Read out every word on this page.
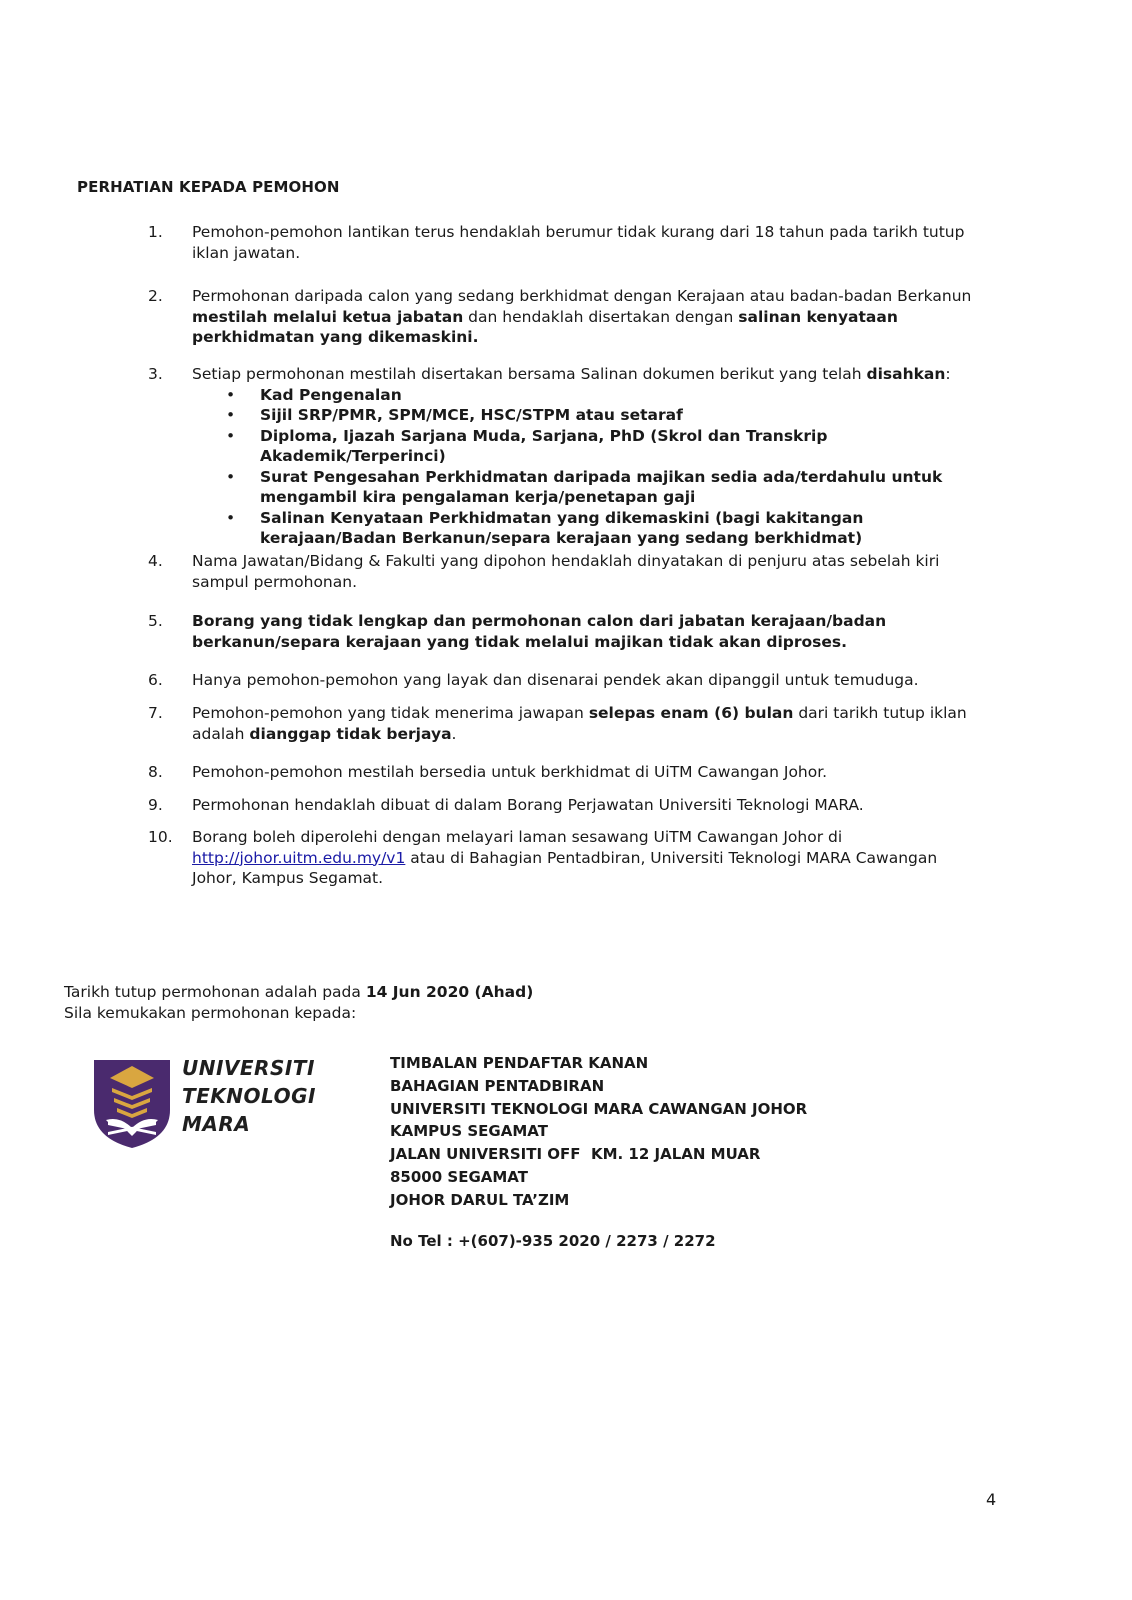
PERHATIAN KEPADA PEMOHON
1. Pemohon-pemohon lantikan terus hendaklah berumur tidak kurang dari 18 tahun pada tarikh tutup iklan jawatan.
2. Permohonan daripada calon yang sedang berkhidmat dengan Kerajaan atau badan-badan Berkanun mestilah melalui ketua jabatan dan hendaklah disertakan dengan salinan kenyataan perkhidmatan yang dikemaskini.
3. Setiap permohonan mestilah disertakan bersama Salinan dokumen berikut yang telah disahkan:
• Kad Pengenalan
• Sijil SRP/PMR, SPM/MCE, HSC/STPM atau setaraf
• Diploma, Ijazah Sarjana Muda, Sarjana, PhD (Skrol dan Transkrip Akademik/Terperinci)
• Surat Pengesahan Perkhidmatan daripada majikan sedia ada/terdahulu untuk mengambil kira pengalaman kerja/penetapan gaji
• Salinan Kenyataan Perkhidmatan yang dikemaskini (bagi kakitangan kerajaan/Badan Berkanun/separa kerajaan yang sedang berkhidmat)
4. Nama Jawatan/Bidang & Fakulti yang dipohon hendaklah dinyatakan di penjuru atas sebelah kiri sampul permohonan.
5. Borang yang tidak lengkap dan permohonan calon dari jabatan kerajaan/badan berkanun/separa kerajaan yang tidak melalui majikan tidak akan diproses.
6. Hanya pemohon-pemohon yang layak dan disenarai pendek akan dipanggil untuk temuduga.
7. Pemohon-pemohon yang tidak menerima jawapan selepas enam (6) bulan dari tarikh tutup iklan adalah dianggap tidak berjaya.
8. Pemohon-pemohon mestilah bersedia untuk berkhidmat di UiTM Cawangan Johor.
9. Permohonan hendaklah dibuat di dalam Borang Perjawatan Universiti Teknologi MARA.
10. Borang boleh diperolehi dengan melayari laman sesawang UiTM Cawangan Johor di http://johor.uitm.edu.my/v1 atau di Bahagian Pentadbiran, Universiti Teknologi MARA Cawangan Johor, Kampus Segamat.
Tarikh tutup permohonan adalah pada 14 Jun 2020 (Ahad)
Sila kemukakan permohonan kepada:
UNIVERSITI
TEKNOLOGI
MARA
TIMBALAN PENDAFTAR KANAN
BAHAGIAN PENTADBIRAN
UNIVERSITI TEKNOLOGI MARA CAWANGAN JOHOR
KAMPUS SEGAMAT
JALAN UNIVERSITI OFF  KM. 12 JALAN MUAR
85000 SEGAMAT
JOHOR DARUL TA’ZIM
No Tel : +(607)-935 2020 / 2273 / 2272
4
